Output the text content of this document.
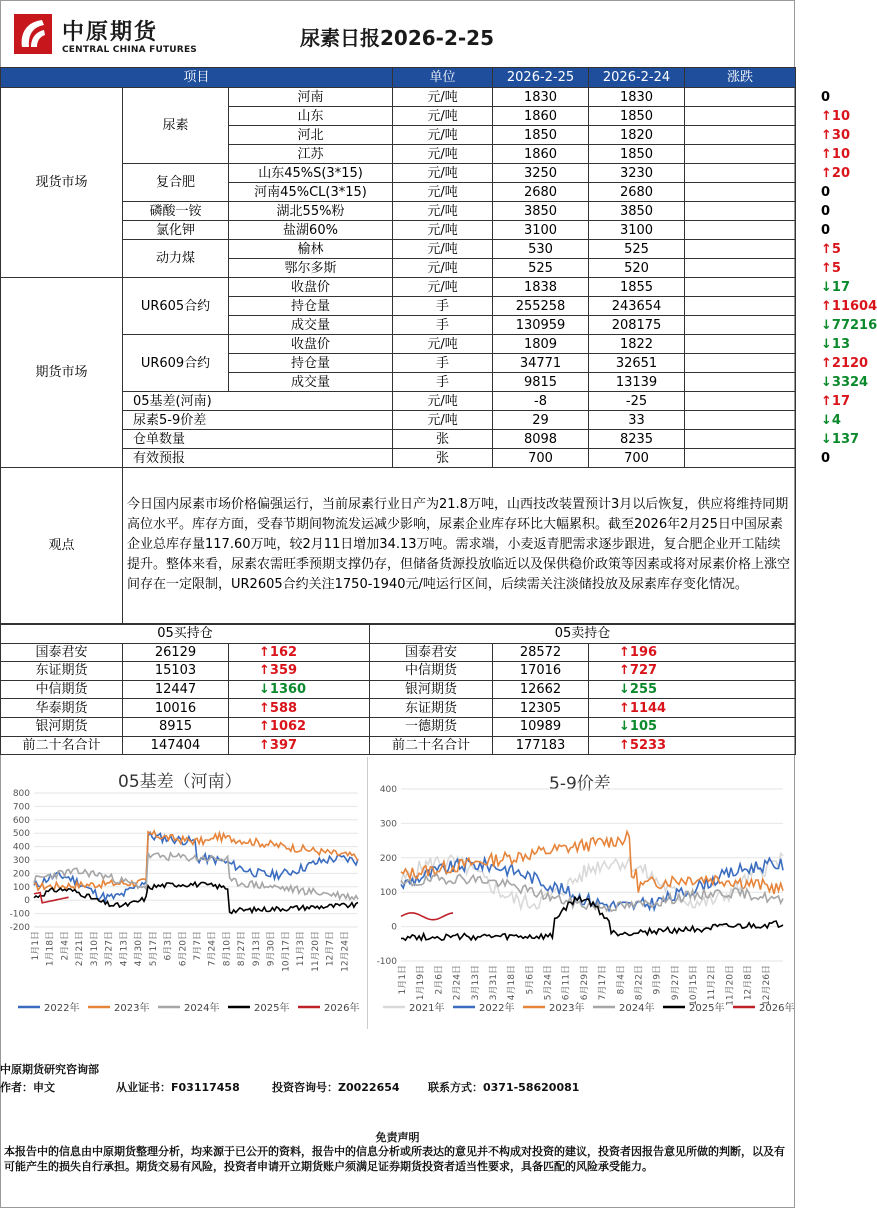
中原期货
CENTRAL CHINA FUTURES	尿素日报2026-2-25
项目			单位	2026-2-25	2026-2-24	涨跌
现货市场	尿素	河南	元/吨	1830	1830	0
		山东	元/吨	1860	1850	↑10
		河北	元/吨	1850	1820	↑30
		江苏	元/吨	1860	1850	↑10
	复合肥	山东45%S(3*15)	元/吨	3250	3230	↑20
		河南45%CL(3*15)	元/吨	2680	2680	0
	磷酸一铵	湖北55%粉	元/吨	3850	3850	0
	氯化钾	盐湖60%	元/吨	3100	3100	0
	动力煤	榆林	元/吨	530	525	↑5
		鄂尔多斯	元/吨	525	520	↑5
期货市场	UR605合约	收盘价	元/吨	1838	1855	↓17
		持仓量	手	255258	243654	↑11604
		成交量	手	130959	208175	↓77216
	UR609合约	收盘价	元/吨	1809	1822	↓13
		持仓量	手	34771	32651	↑2120
		成交量	手	9815	13139	↓3324
	05基差(河南)		元/吨	-8	-25	↑17
	尿素5-9价差		元/吨	29	33	↓4
	仓单数量		张	8098	8235	↓137
	有效预报		张	700	700	0
观点	今日国内尿素市场价格偏强运行，当前尿素行业日产为21.8万吨，山西技改装置预计3月以后恢复，供应将维持同期高位水平。库存方面，受春节期间物流发运减少影响，尿素企业库存环比大幅累积。截至2026年2月25日中国尿素企业总库存量117.60万吨，较2月11日增加34.13万吨。需求端，小麦返青肥需求逐步跟进，复合肥企业开工陆续提升。整体来看，尿素农需旺季预期支撑仍存，但储备货源投放临近以及保供稳价政策等因素或将对尿素价格上涨空间存在一定限制，UR2605合约关注1750-1940元/吨运行区间，后续需关注淡储投放及尿素库存变化情况。					
05买持仓			05卖持仓		
国泰君安	26129	↑162	国泰君安	28572	↑196
东证期货	15103	↑359	中信期货	17016	↑727
中信期货	12447	↓1360	银河期货	12662	↓255
华泰期货	10016	↑588	东证期货	12305	↑1144
银河期货	8915	↑1062	一德期货	10989	↓105
前二十名合计	147404	↑397	前二十名合计	177183	↑5233
05基差（河南）
800
700
600
500
400
300
200
100
0
-100
-200
1月1日 1月18日 2月4日 2月21日 3月10日 3月27日 4月13日 4月30日 5月17日 6月3日 6月20日 7月7日 7月24日 8月10日 8月27日 9月13日 9月30日 10月17日 11月3日 11月20日 12月7日 12月24日
2022年	2023年	2024年	2025年	2026年
5-9价差
400
300
200
100
0
-100
1月1日 1月19日 2月6日 2月24日 3月13日 3月31日 4月18日 5月6日 5月24日 6月11日 6月29日 7月17日 8月4日 8月22日 9月9日 9月27日 10月15日 11月2日 11月20日 12月8日 12月26日
2021年	2022年	2023年	2024年	2025年	2026年
中原期货研究咨询部
作者：申文	从业证书：F03117458	投资咨询号：Z0022654	联系方式：0371-58620081
免责声明
本报告中的信息由中原期货整理分析，均来源于已公开的资料，报告中的信息分析或所表达的意见并不构成对投资的建议，投资者因报告意见所做的判断，以及有可能产生的损失自行承担。期货交易有风险，投资者申请开立期货账户须满足证券期货投资者适当性要求，具备匹配的风险承受能力。
